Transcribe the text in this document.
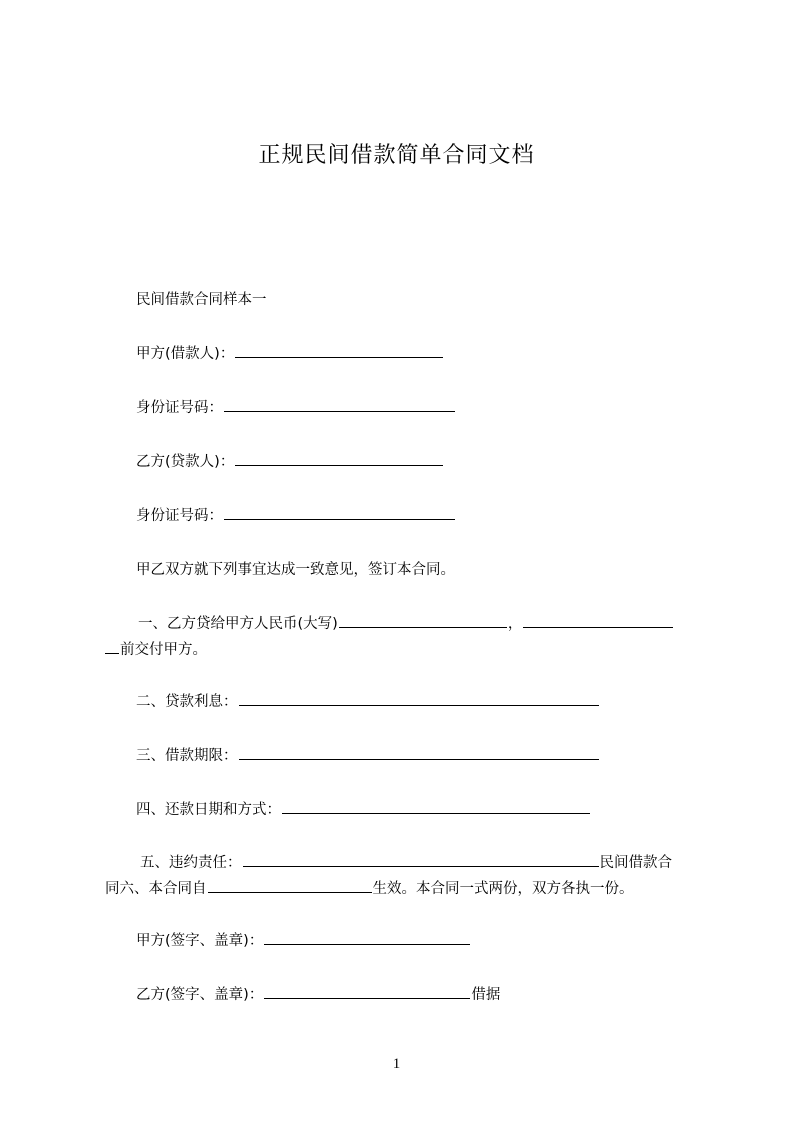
正规民间借款简单合同文档
民间借款合同样本一
甲方(借款人)：
身份证号码：
乙方(贷款人)：
身份证号码：
甲乙双方就下列事宜达成一致意见，签订本合同。
一、乙方贷给甲方人民币(大写)	，
前交付甲方。
二、贷款利息：
三、借款期限：
四、还款日期和方式：
五、违约责任：	民间借款合
同六、本合同自	生效。本合同一式两份，双方各执一份。
甲方(签字、盖章)：
乙方(签字、盖章)：	借据
1
